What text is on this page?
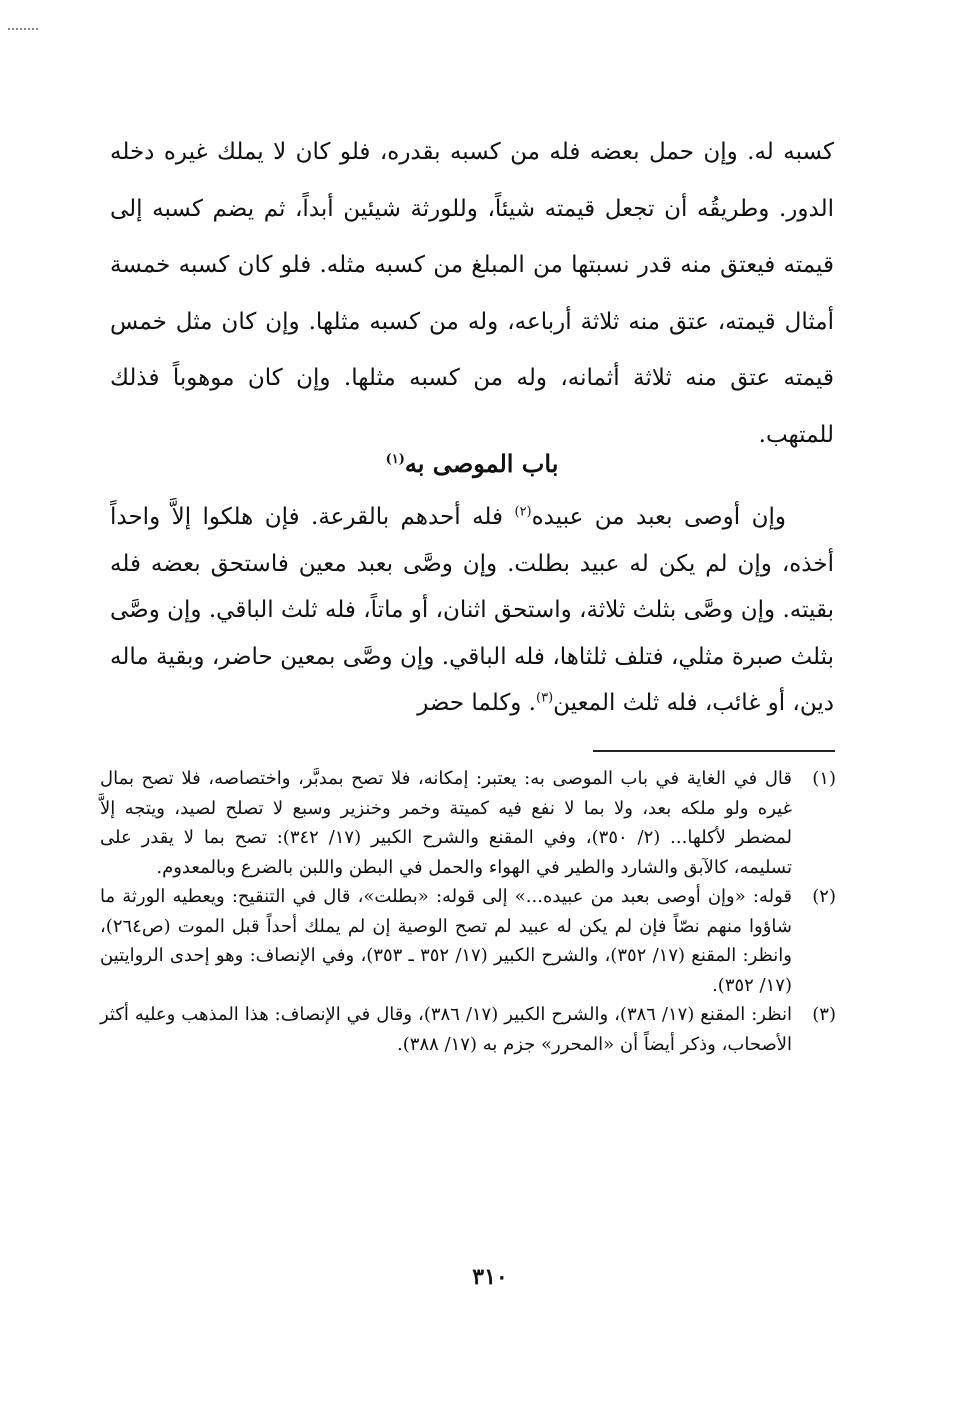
كسبه له. وإن حمل بعضه فله من كسبه بقدره، فلو كان لا يملك غيره دخله الدور. وطريقُه أن تجعل قيمته شيئاً، وللورثة شيئين أبداً، ثم يضم كسبه إلى قيمته فيعتق منه قدر نسبتها من المبلغ من كسبه مثله. فلو كان كسبه خمسة أمثال قيمته، عتق منه ثلاثة أرباعه، وله من كسبه مثلها. وإن كان مثل خمس قيمته عتق منه ثلاثة أثمانه، وله من كسبه مثلها. وإن كان موهوباً فذلك للمتهب.

باب الموصى به$^{(١)}$

وإن أوصى بعبد من عبيده$^{(٢)}$ فله أحدهم بالقرعة. فإن هلكوا إلاَّ واحداً أخذه، وإن لم يكن له عبيد بطلت. وإن وصَّى بعبد معين فاستحق بعضه فله بقيته. وإن وصَّى بثلث ثلاثة، واستحق اثنان، أو ماتاً، فله ثلث الباقي. وإن وصَّى بثلث صبرة مثلي، فتلف ثلثاها، فله الباقي. وإن وصَّى بمعين حاضر، وبقية ماله دين، أو غائب، فله ثلث المعين$^{(٣)}$. وكلما حضر

(١)
قال في الغاية في باب الموصى به: يعتبر: إمكانه، فلا تصح بمدبَّر، واختصاصه، فلا تصح بمال غيره ولو ملكه بعد، ولا بما لا نفع فيه كميتة وخمر وخنزير وسبع لا تصلح لصيد، ويتجه إلاَّ لمضطر لأكلها... (٢/ ٣٥٠)، وفي المقنع والشرح الكبير (١٧/ ٣٤٢): تصح بما لا يقدر على تسليمه، كالآبق والشارد والطير في الهواء والحمل في البطن واللبن بالضرع وبالمعدوم.
(٢)
قوله: «وإن أوصى بعبد من عبيده...» إلى قوله: «بطلت»، قال في التنقيح: ويعطيه الورثة ما شاؤوا منهم نصّاً فإن لم يكن له عبيد لم تصح الوصية إن لم يملك أحداً قبل الموت (ص٢٦٤)، وانظر: المقنع (١٧/ ٣٥٢)، والشرح الكبير (١٧/ ٣٥٢ ـ ٣٥٣)، وفي الإنصاف: وهو إحدى الروايتين (١٧/ ٣٥٢).
(٣)
انظر: المقنع (١٧/ ٣٨٦)، والشرح الكبير (١٧/ ٣٨٦)، وقال في الإنصاف: هذا المذهب وعليه أكثر الأصحاب، وذكر أيضاً أن «المحرر» جزم به (١٧/ ٣٨٨).
٣١٠
